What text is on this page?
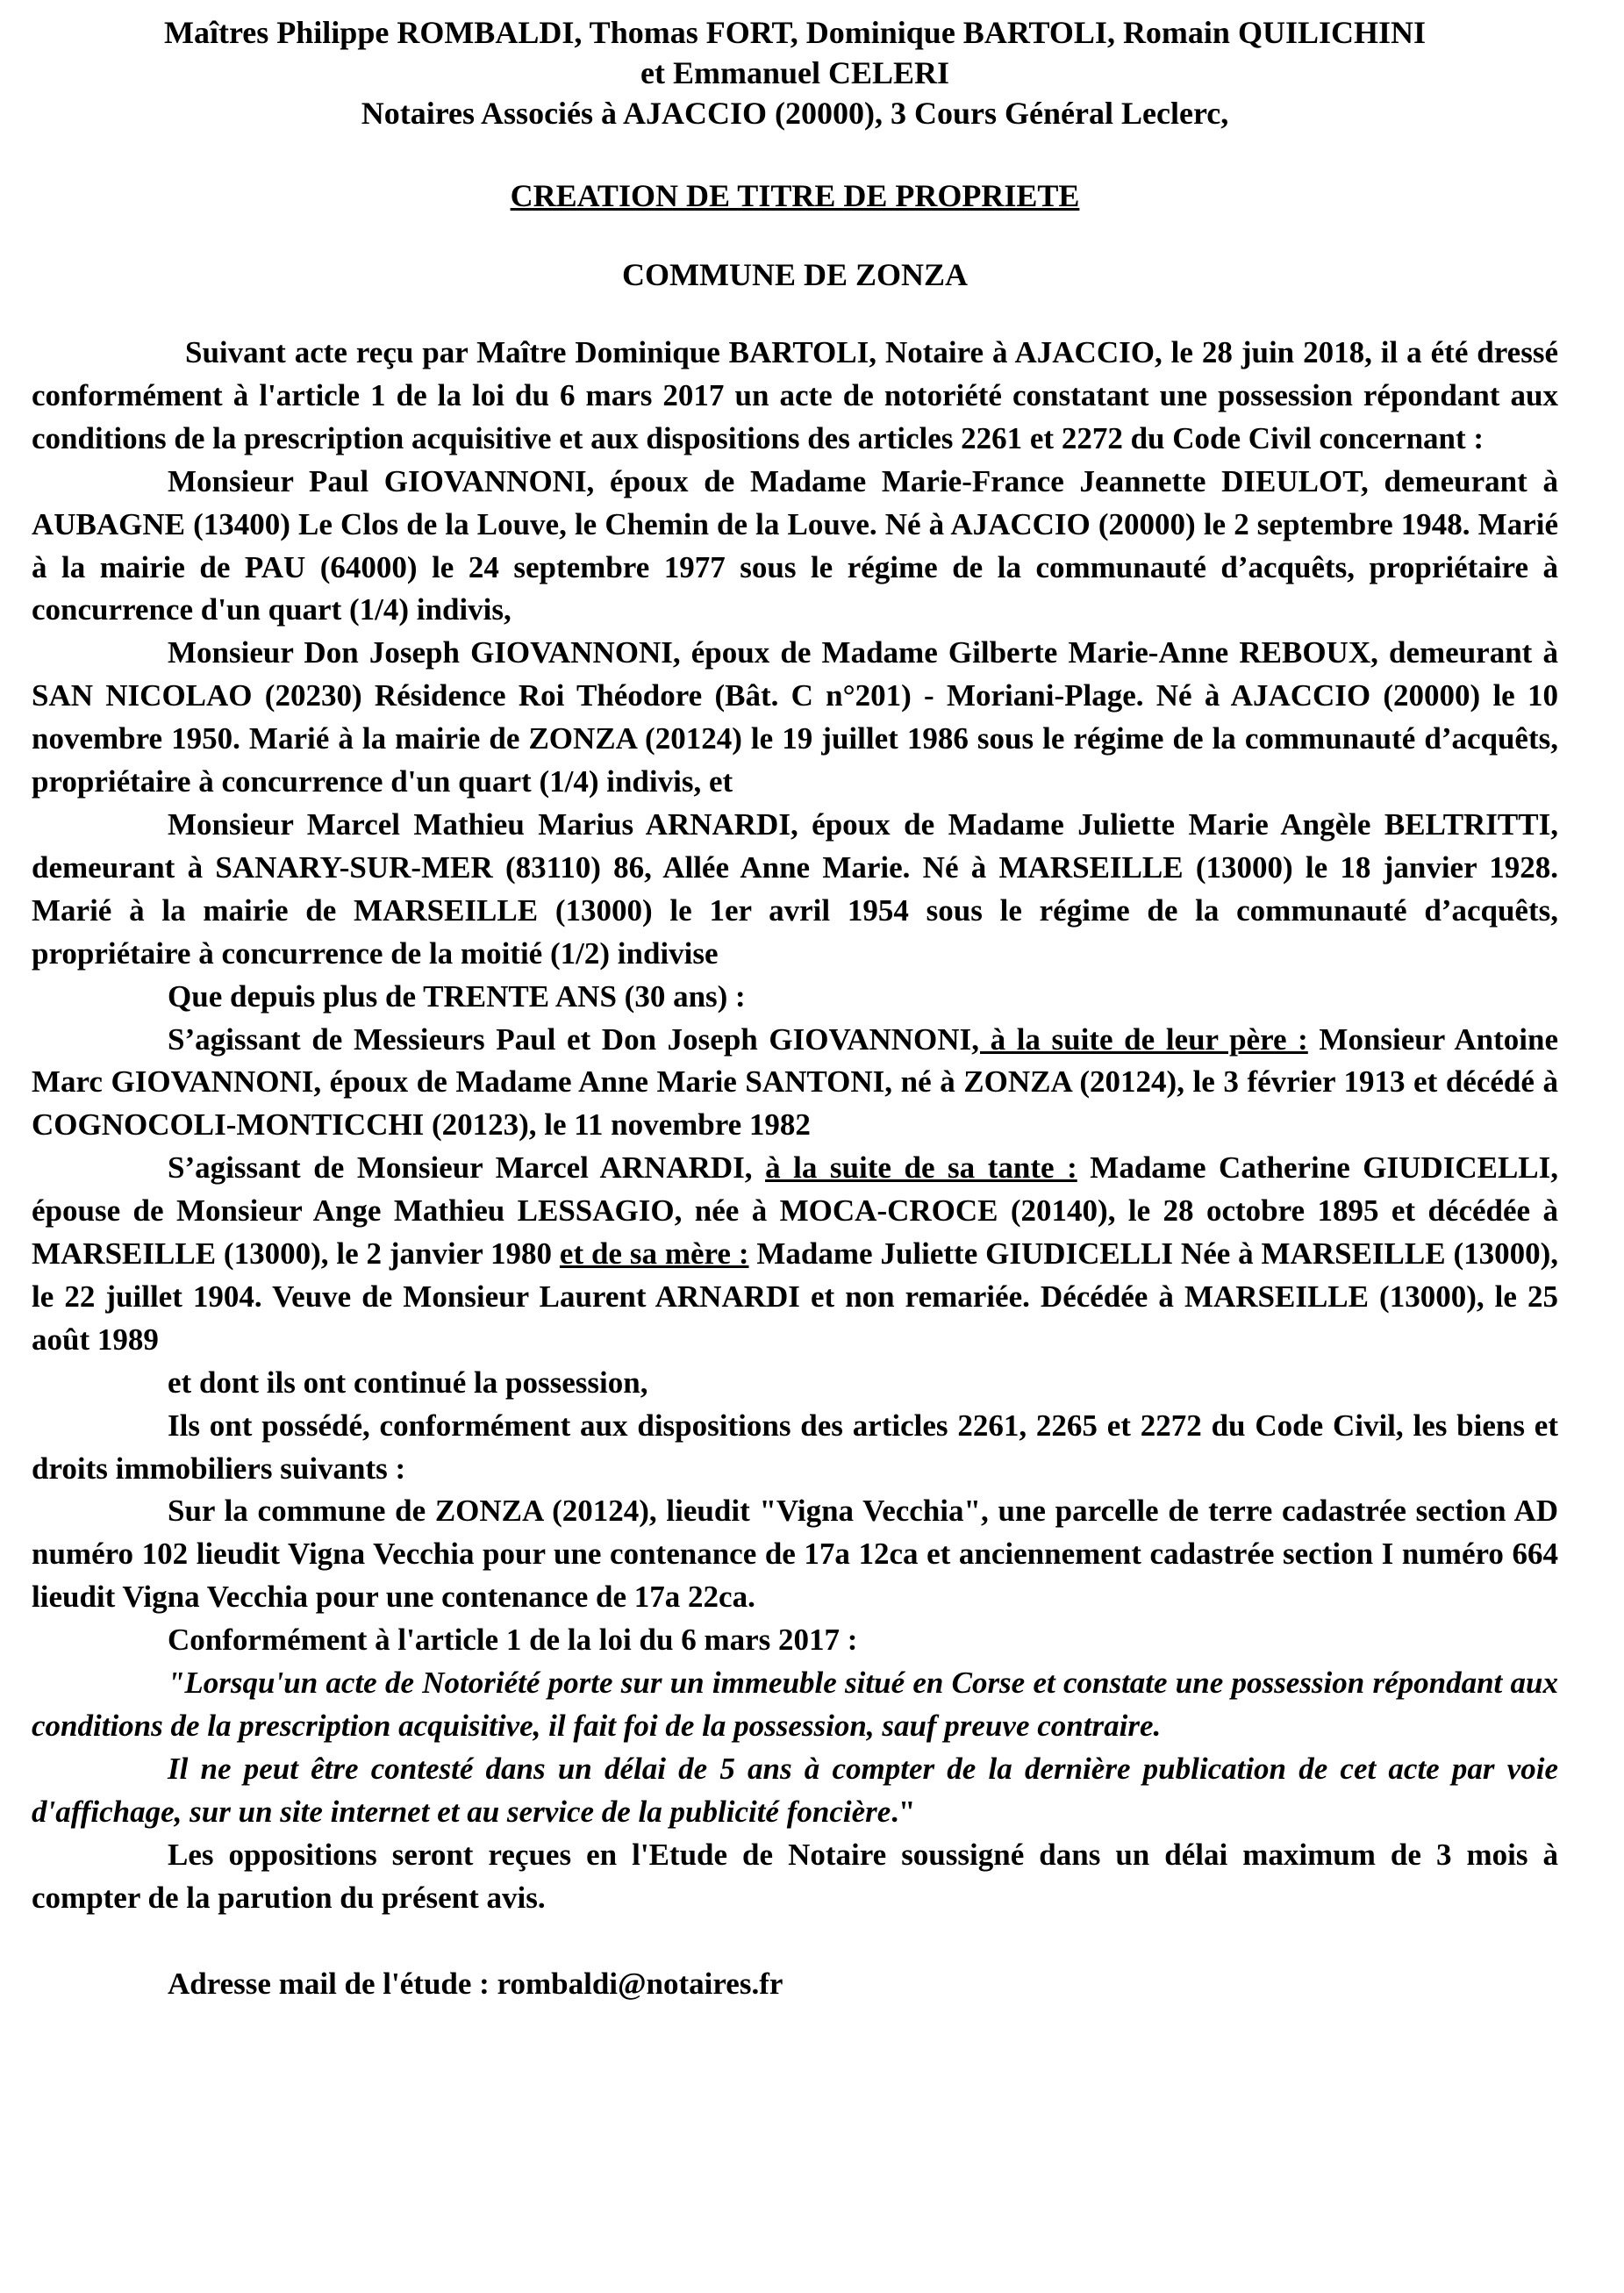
Maîtres Philippe ROMBALDI, Thomas FORT, Dominique BARTOLI, Romain QUILICHINI
et Emmanuel CELERI
Notaires Associés à AJACCIO (20000), 3 Cours Général Leclerc,
CREATION DE TITRE DE PROPRIETE
COMMUNE DE ZONZA

Suivant acte reçu par Maître Dominique BARTOLI, Notaire à AJACCIO, le 28 juin 2018, il a été dressé conformément à l'article 1 de la loi du 6 mars 2017 un acte de notoriété constatant une possession répondant aux conditions de la prescription acquisitive et aux dispositions des articles 2261 et 2272 du Code Civil concernant :

Monsieur Paul GIOVANNONI, époux de Madame Marie-France Jeannette DIEULOT, demeurant à AUBAGNE (13400) Le Clos de la Louve, le Chemin de la Louve. Né à AJACCIO (20000) le 2 septembre 1948. Marié à la mairie de PAU (64000) le 24 septembre 1977 sous le régime de la communauté d’acquêts, propriétaire à concurrence d'un quart (1/4) indivis,

Monsieur Don Joseph GIOVANNONI, époux de Madame Gilberte Marie-Anne REBOUX, demeurant à SAN NICOLAO (20230) Résidence Roi Théodore (Bât. C n°201) - Moriani-Plage. Né à AJACCIO (20000) le 10 novembre 1950. Marié à la mairie de ZONZA (20124) le 19 juillet 1986 sous le régime de la communauté d’acquêts, propriétaire à concurrence d'un quart (1/4) indivis, et

Monsieur Marcel Mathieu Marius ARNARDI, époux de Madame Juliette Marie Angèle BELTRITTI, demeurant à SANARY-SUR-MER (83110) 86, Allée Anne Marie. Né à MARSEILLE (13000) le 18 janvier 1928. Marié à la mairie de MARSEILLE (13000) le 1er avril 1954 sous le régime de la communauté d’acquêts, propriétaire à concurrence de la moitié (1/2) indivise

Que depuis plus de TRENTE ANS (30 ans) :

S’agissant de Messieurs Paul et Don Joseph GIOVANNONI, à la suite de leur père : Monsieur Antoine Marc GIOVANNONI, époux de Madame Anne Marie SANTONI, né à ZONZA (20124), le 3 février 1913 et décédé à COGNOCOLI-MONTICCHI (20123), le 11 novembre 1982

S’agissant de Monsieur Marcel ARNARDI, à la suite de sa tante : Madame Catherine GIUDICELLI, épouse de Monsieur Ange Mathieu LESSAGIO, née à MOCA-CROCE (20140), le 28 octobre 1895 et décédée à MARSEILLE (13000), le 2 janvier 1980 et de sa mère : Madame Juliette GIUDICELLI Née à MARSEILLE (13000), le 22 juillet 1904. Veuve de Monsieur Laurent ARNARDI et non remariée. Décédée à MARSEILLE (13000), le 25 août 1989

et dont ils ont continué la possession,

Ils ont possédé, conformément aux dispositions des articles 2261, 2265 et 2272 du Code Civil, les biens et droits immobiliers suivants :

Sur la commune de ZONZA (20124), lieudit "Vigna Vecchia", une parcelle de terre cadastrée section AD numéro 102 lieudit Vigna Vecchia pour une contenance de 17a 12ca et anciennement cadastrée section I numéro 664 lieudit Vigna Vecchia pour une contenance de 17a 22ca.

Conformément à l'article 1 de la loi du 6 mars 2017 :

"Lorsqu'un acte de Notoriété porte sur un immeuble situé en Corse et constate une possession répondant aux conditions de la prescription acquisitive, il fait foi de la possession, sauf preuve contraire.

Il ne peut être contesté dans un délai de 5 ans à compter de la dernière publication de cet acte par voie d'affichage, sur un site internet et au service de la publicité foncière."

Les oppositions seront reçues en l'Etude de Notaire soussigné dans un délai maximum de 3 mois à compter de la parution du présent avis.

Adresse mail de l'étude : rombaldi@notaires.fr
